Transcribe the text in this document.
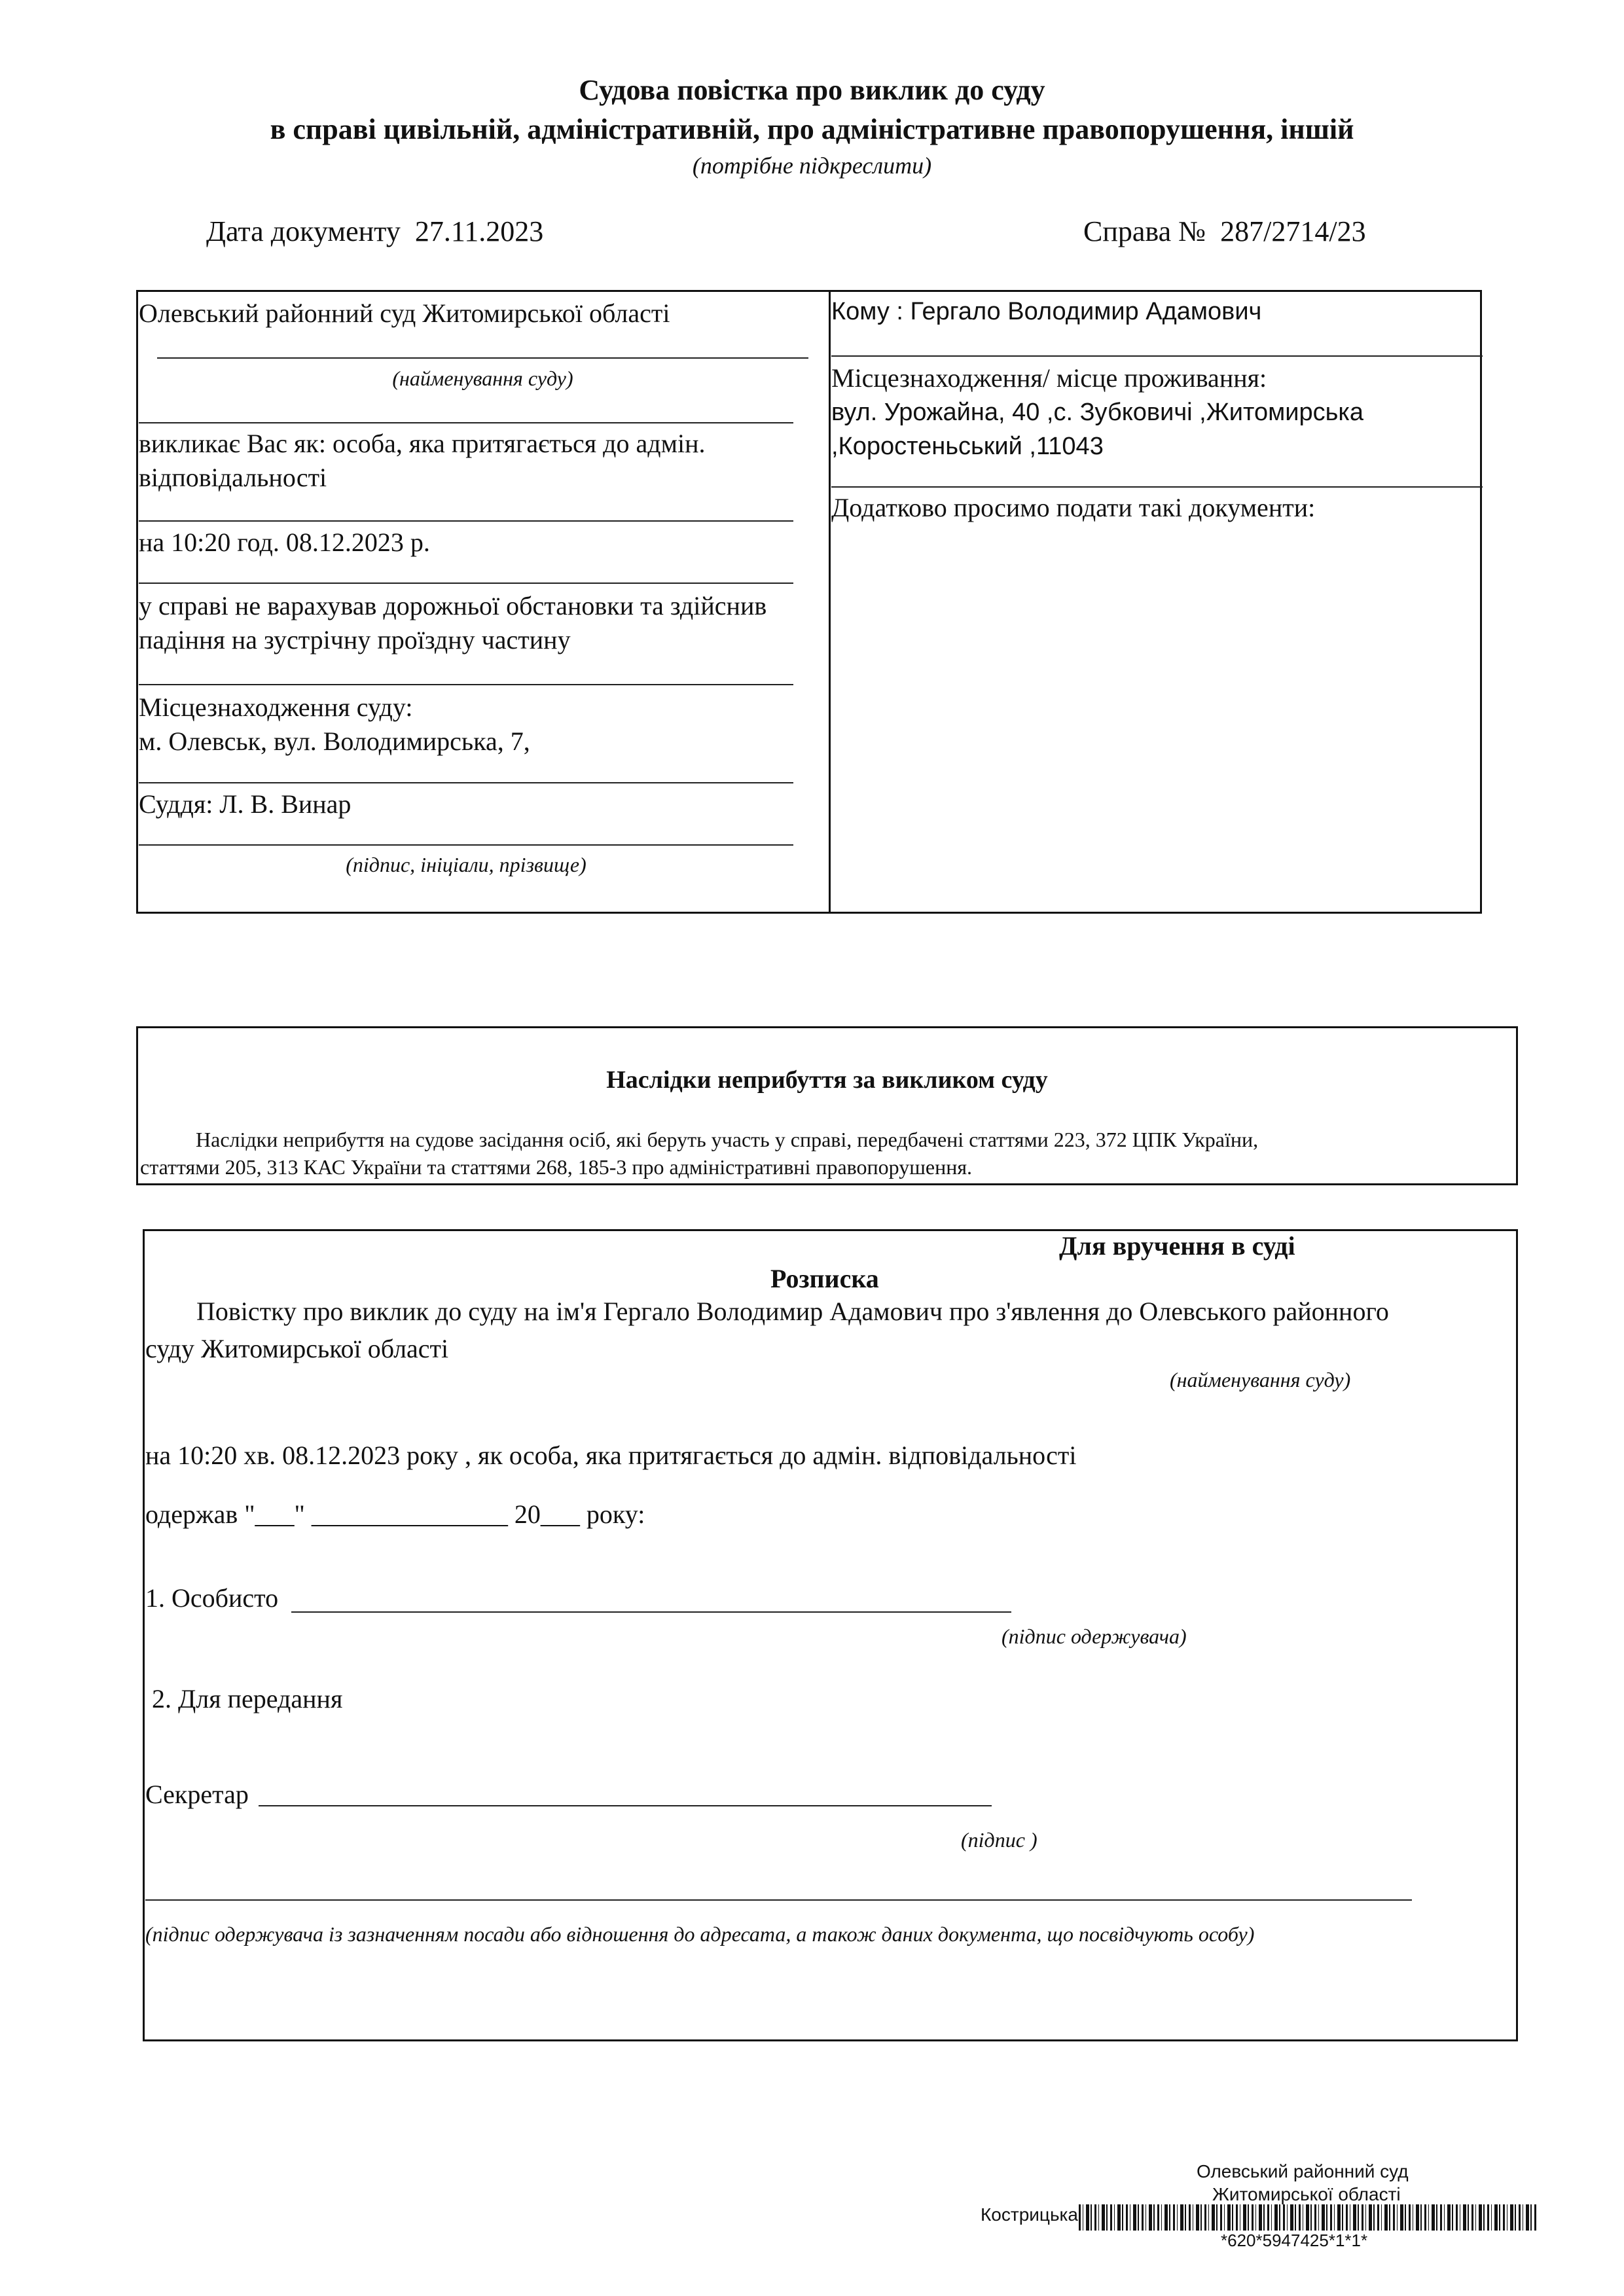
Судова повістка про виклик до суду
в справі цивільній, адміністративній, про адміністративне правопорушення, іншій
(потрібне підкреслити)
Дата документу 27.11.2023	Справа № 287/2714/23
Олевський районний суд Житомирської області
(найменування суду)
викликає Вас як: особа, яка притягається до адмін.
відповідальності
на 10:20 год. 08.12.2023 р.
у справі не варахував дорожньої обстановки та здійснив
падіння на зустрічну проїздну частину
Місцезнаходження суду:
м. Олевськ, вул. Володимирська, 7,
Суддя: Л. В. Винар
(підпис, ініціали, прізвище)
Кому : Гергало Володимир Адамович
Місцезнаходження/ місце проживання:
вул. Урожайна, 40 ,с. Зубковичі ,Житомирська
,Коростеньський ,11043
Додатково просимо подати такі документи:
Наслідки неприбуття за викликом суду
Наслідки неприбуття на судове засідання осіб, які беруть участь у справі, передбачені статтями 223, 372 ЦПК України,
статтями 205, 313 КАС України та статтями 268, 185-3 про адміністративні правопорушення.
Для вручення в суді
Розписка
Повістку про виклик до суду на ім'я Гергало Володимир Адамович про з'явлення до Олевського районного
суду Житомирської області
(найменування суду)
на 10:20 хв. 08.12.2023 року , як особа, яка притягається до адмін. відповідальності
одержав "___" _______________ 20___ року:
1. Особисто
(підпис одержувача)
2. Для передання
Секретар
(підпис )
(підпис одержувача із зазначенням посади або відношення до адресата, а також даних документа, що посвідчують особу)
Олевський районний суд
Житомирської області
Кострицька
*620*5947425*1*1*
